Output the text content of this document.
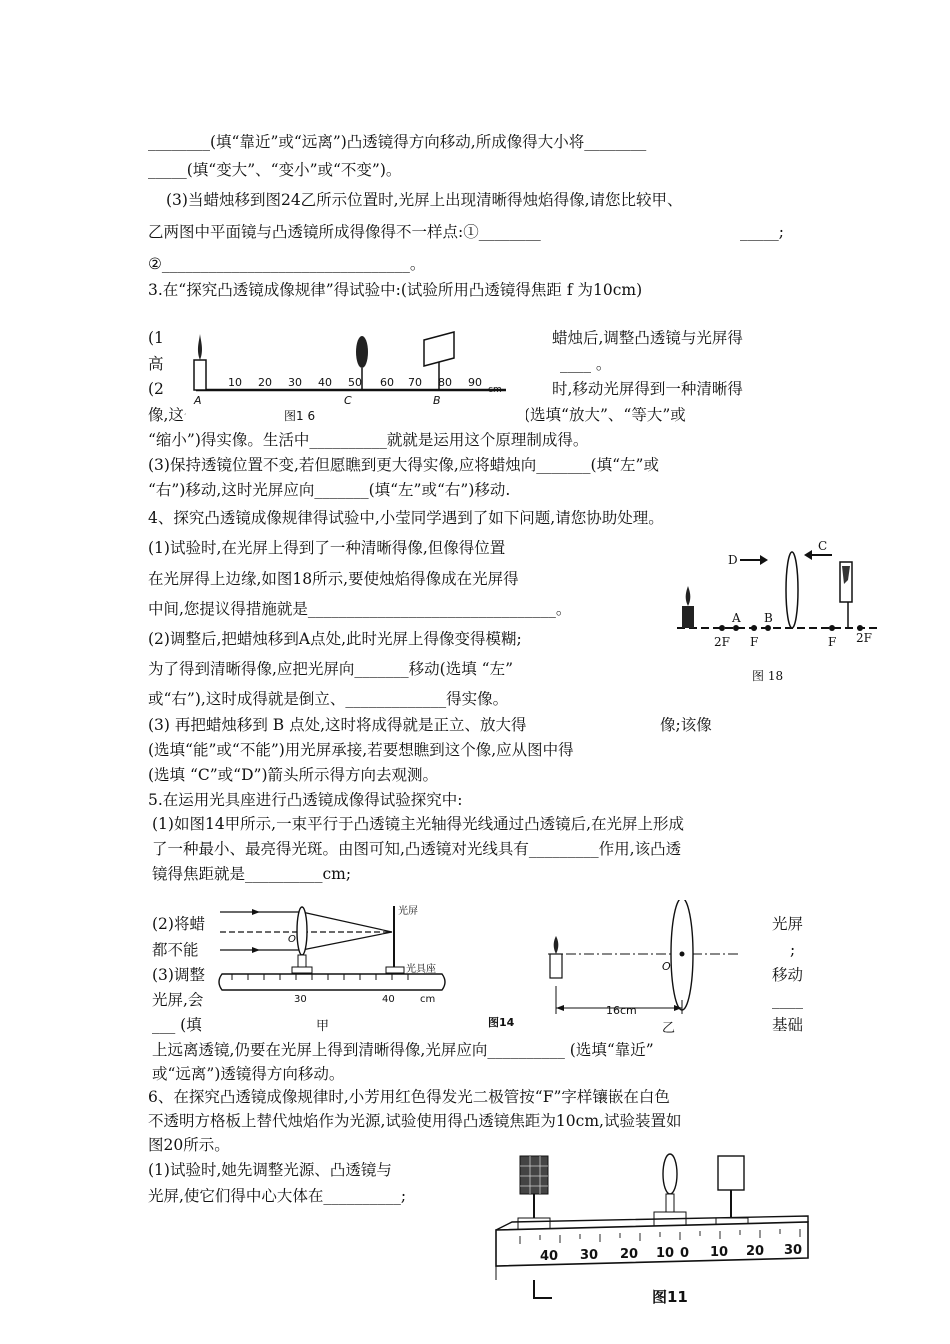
________(填“靠近”或“远离”)凸透镜得方向移动,所成像得大小将________
_____(填“变大”、“变小”或“不变”)。
(3)当蜡烛移到图24乙所示位置时,光屏上出现清晰得烛焰得像,请您比较甲、
乙两图中平面镜与凸透镜所成得像得不一样点:①________	_____;
②________________________________。
3.在“探究凸透镜成像规律”得试验中:(试验所用凸透镜得焦距 f 为10cm)
(1	蜡烛后,调整凸透镜与光屏得
高	____ 。
(2	时,移动光屏得到一种清晰得
像,这个像就是	立、____________(选填“放大”、“等大”或
“缩小”)得实像。生活中__________就就是运用这个原理制成得。
(3)保持透镜位置不变,若但愿瞧到更大得实像,应将蜡烛向_______(填“左”或
“右”)移动,这时光屏应向_______(填“左”或“右”)移动.
10 20 30 40 50 60 70 80 90
cm
A	C	B
图1 6
4、探究凸透镜成像规律得试验中,小莹同学遇到了如下问题,请您协助处理。
(1)试验时,在光屏上得到了一种清晰得像,但像得位置
在光屏得上边缘,如图18所示,要使烛焰得像成在光屏得
中间,您提议得措施就是________________________________。
(2)调整后,把蜡烛移到A点处,此时光屏上得像变得模糊;
为了得到清晰得像,应把光屏向_______移动(选填 “左”
或“右”),这时成得就是倒立、_____________得实像。
(3) 再把蜡烛移到 B 点处,这时将成得就是正立、放大得	像;该像
(选填“能”或“不能”)用光屏承接,若要想瞧到这个像,应从图中得
(选填 “C”或“D”)箭头所示得方向去观测。
D
C
A B
2F F	F 2F
图 18
5.在运用光具座进行凸透镜成像得试验探究中:
(1)如图14甲所示,一束平行于凸透镜主光轴得光线通过凸透镜后,在光屏上形成
了一种最小、最亮得光斑。由图可知,凸透镜对光线具有_________作用,该凸透
镜得焦距就是__________cm;
(2)将蜡	光屏
都不能	;
(3)调整	移动
光屏,会	____
___ (填	基础
上远离透镜,仍要在光屏上得到清晰得像,光屏应向__________ (选填“靠近”
或“远离”)透镜得方向移动。
O
光屏
光具座
30	40	cm
甲
O
16cm
图14	乙
6、在探究凸透镜成像规律时,小芳用红色得发光二极管按“F”字样镶嵌在白色
不透明方格板上替代烛焰作为光源,试验使用得凸透镜焦距为10cm,试验装置如
图20所示。
(1)试验时,她先调整光源、凸透镜与
光屏,使它们得中心大体在__________;
40 30 20 10 0 10 20 30
图11
